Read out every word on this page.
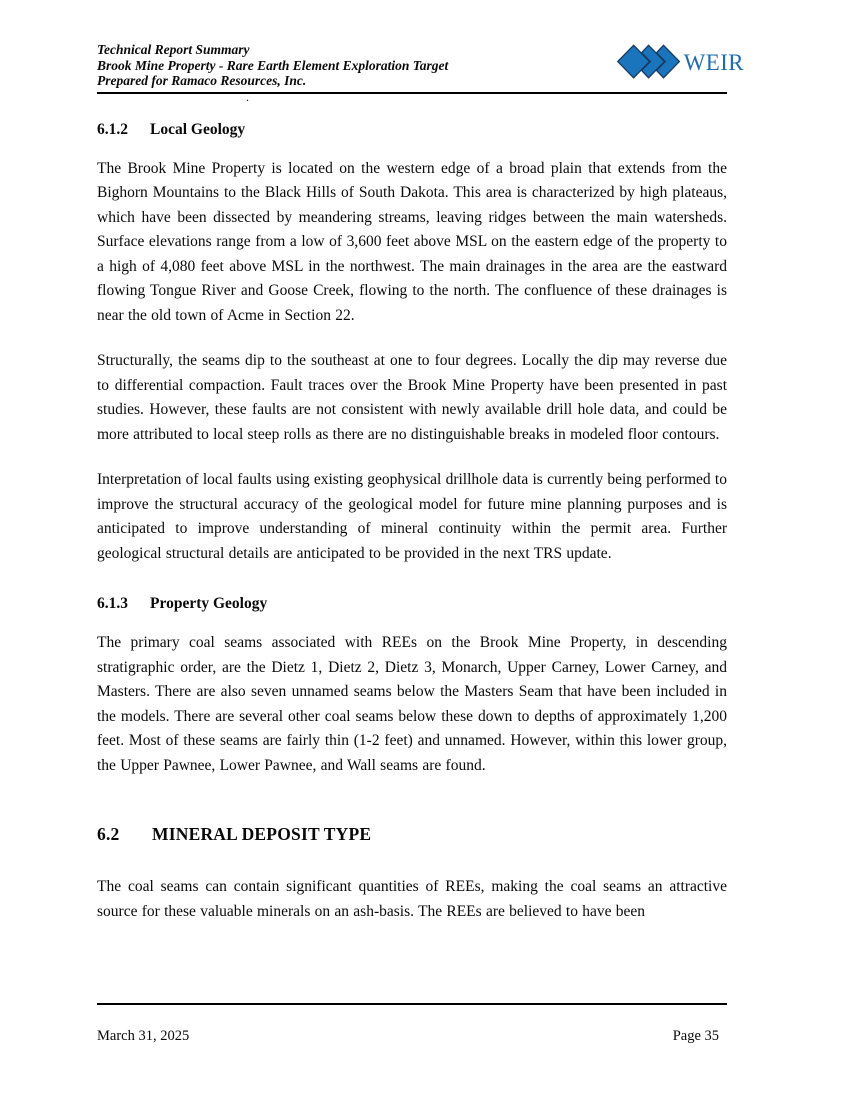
Technical Report Summary
Brook Mine Property - Rare Earth Element Exploration Target
Prepared for Ramaco Resources, Inc.
WEIR
.
6.1.2	Local Geology

The Brook Mine Property is located on the western edge of a broad plain that extends from the Bighorn Mountains to the Black Hills of South Dakota. This area is characterized by high plateaus, which have been dissected by meandering streams, leaving ridges between the main watersheds. Surface elevations range from a low of 3,600 feet above MSL on the eastern edge of the property to a high of 4,080 feet above MSL in the northwest. The main drainages in the area are the eastward flowing Tongue River and Goose Creek, flowing to the north. The confluence of these drainages is near the old town of Acme in Section 22.

Structurally, the seams dip to the southeast at one to four degrees. Locally the dip may reverse due to differential compaction. Fault traces over the Brook Mine Property have been presented in past studies. However, these faults are not consistent with newly available drill hole data, and could be more attributed to local steep rolls as there are no distinguishable breaks in modeled floor contours.

Interpretation of local faults using existing geophysical drillhole data is currently being performed to improve the structural accuracy of the geological model for future mine planning purposes and is anticipated to improve understanding of mineral continuity within the permit area. Further geological structural details are anticipated to be provided in the next TRS update.

6.1.3	Property Geology

The primary coal seams associated with REEs on the Brook Mine Property, in descending stratigraphic order, are the Dietz 1, Dietz 2, Dietz 3, Monarch, Upper Carney, Lower Carney, and Masters. There are also seven unnamed seams below the Masters Seam that have been included in the models. There are several other coal seams below these down to depths of approximately 1,200 feet. Most of these seams are fairly thin (1-2 feet) and unnamed. However, within this lower group, the Upper Pawnee, Lower Pawnee, and Wall seams are found.

6.2	MINERAL DEPOSIT TYPE

The coal seams can contain significant quantities of REEs, making the coal seams an attractive source for these valuable minerals on an ash-basis. The REEs are believed to have been

March 31, 2025	Page 35
